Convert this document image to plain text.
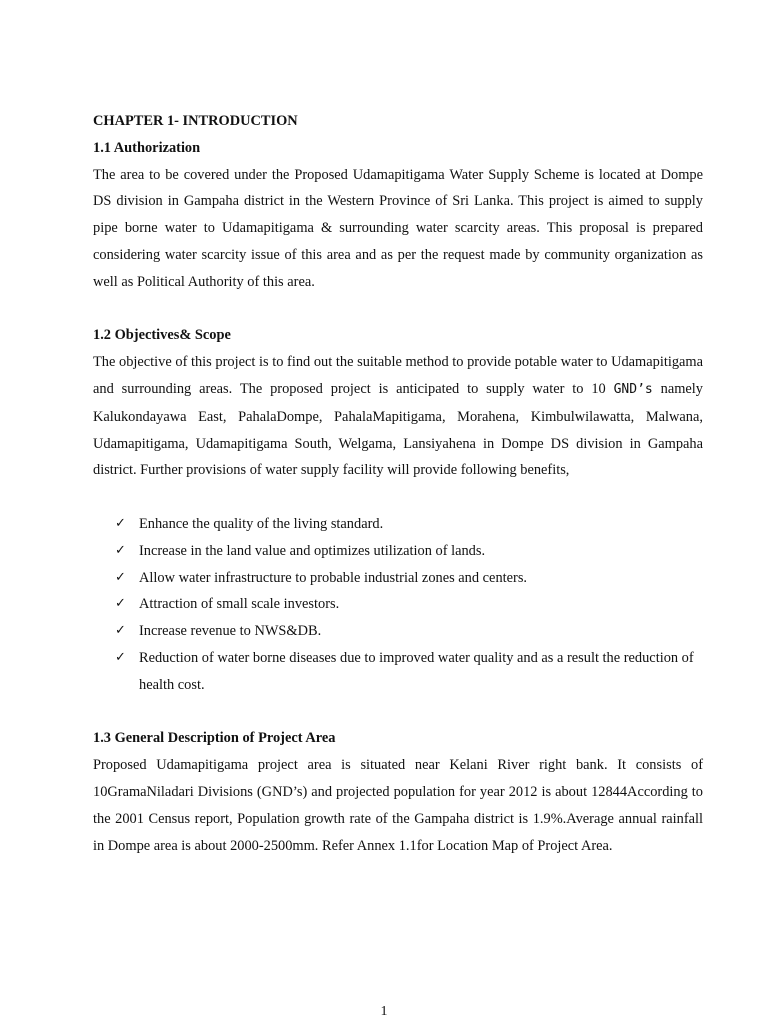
CHAPTER 1- INTRODUCTION

1.1 Authorization

The area to be covered under the Proposed Udamapitigama Water Supply Scheme is located at Dompe DS division in Gampaha district in the Western Province of Sri Lanka. This project is aimed to supply pipe borne water to Udamapitigama & surrounding water scarcity areas. This proposal is prepared considering water scarcity issue of this area and as per the request made by community organization as well as Political Authority of this area.

1.2 Objectives& Scope

The objective of this project is to find out the suitable method to provide potable water to Udamapitigama and surrounding areas. The proposed project is anticipated to supply water to 10 GND’s namely Kalukondayawa East, PahalaDompe, PahalaMapitigama, Morahena, Kimbulwilawatta, Malwana, Udamapitigama, Udamapitigama South, Welgama, Lansiyahena in Dompe DS division in Gampaha district. Further provisions of water supply facility will provide following benefits,

✓ Enhance the quality of the living standard.
✓ Increase in the land value and optimizes utilization of lands.
✓ Allow water infrastructure to probable industrial zones and centers.
✓ Attraction of small scale investors.
✓ Increase revenue to NWS&DB.
✓ Reduction of water borne diseases due to improved water quality and as a result the reduction of health cost.

1.3 General Description of Project Area

Proposed Udamapitigama project area is situated near Kelani River right bank. It consists of 10GramaNiladari Divisions (GND’s) and projected population for year 2012 is about 12844According to the 2001 Census report, Population growth rate of the Gampaha district is 1.9%.Average annual rainfall in Dompe area is about 2000-2500mm. Refer Annex 1.1for Location Map of Project Area.

1
